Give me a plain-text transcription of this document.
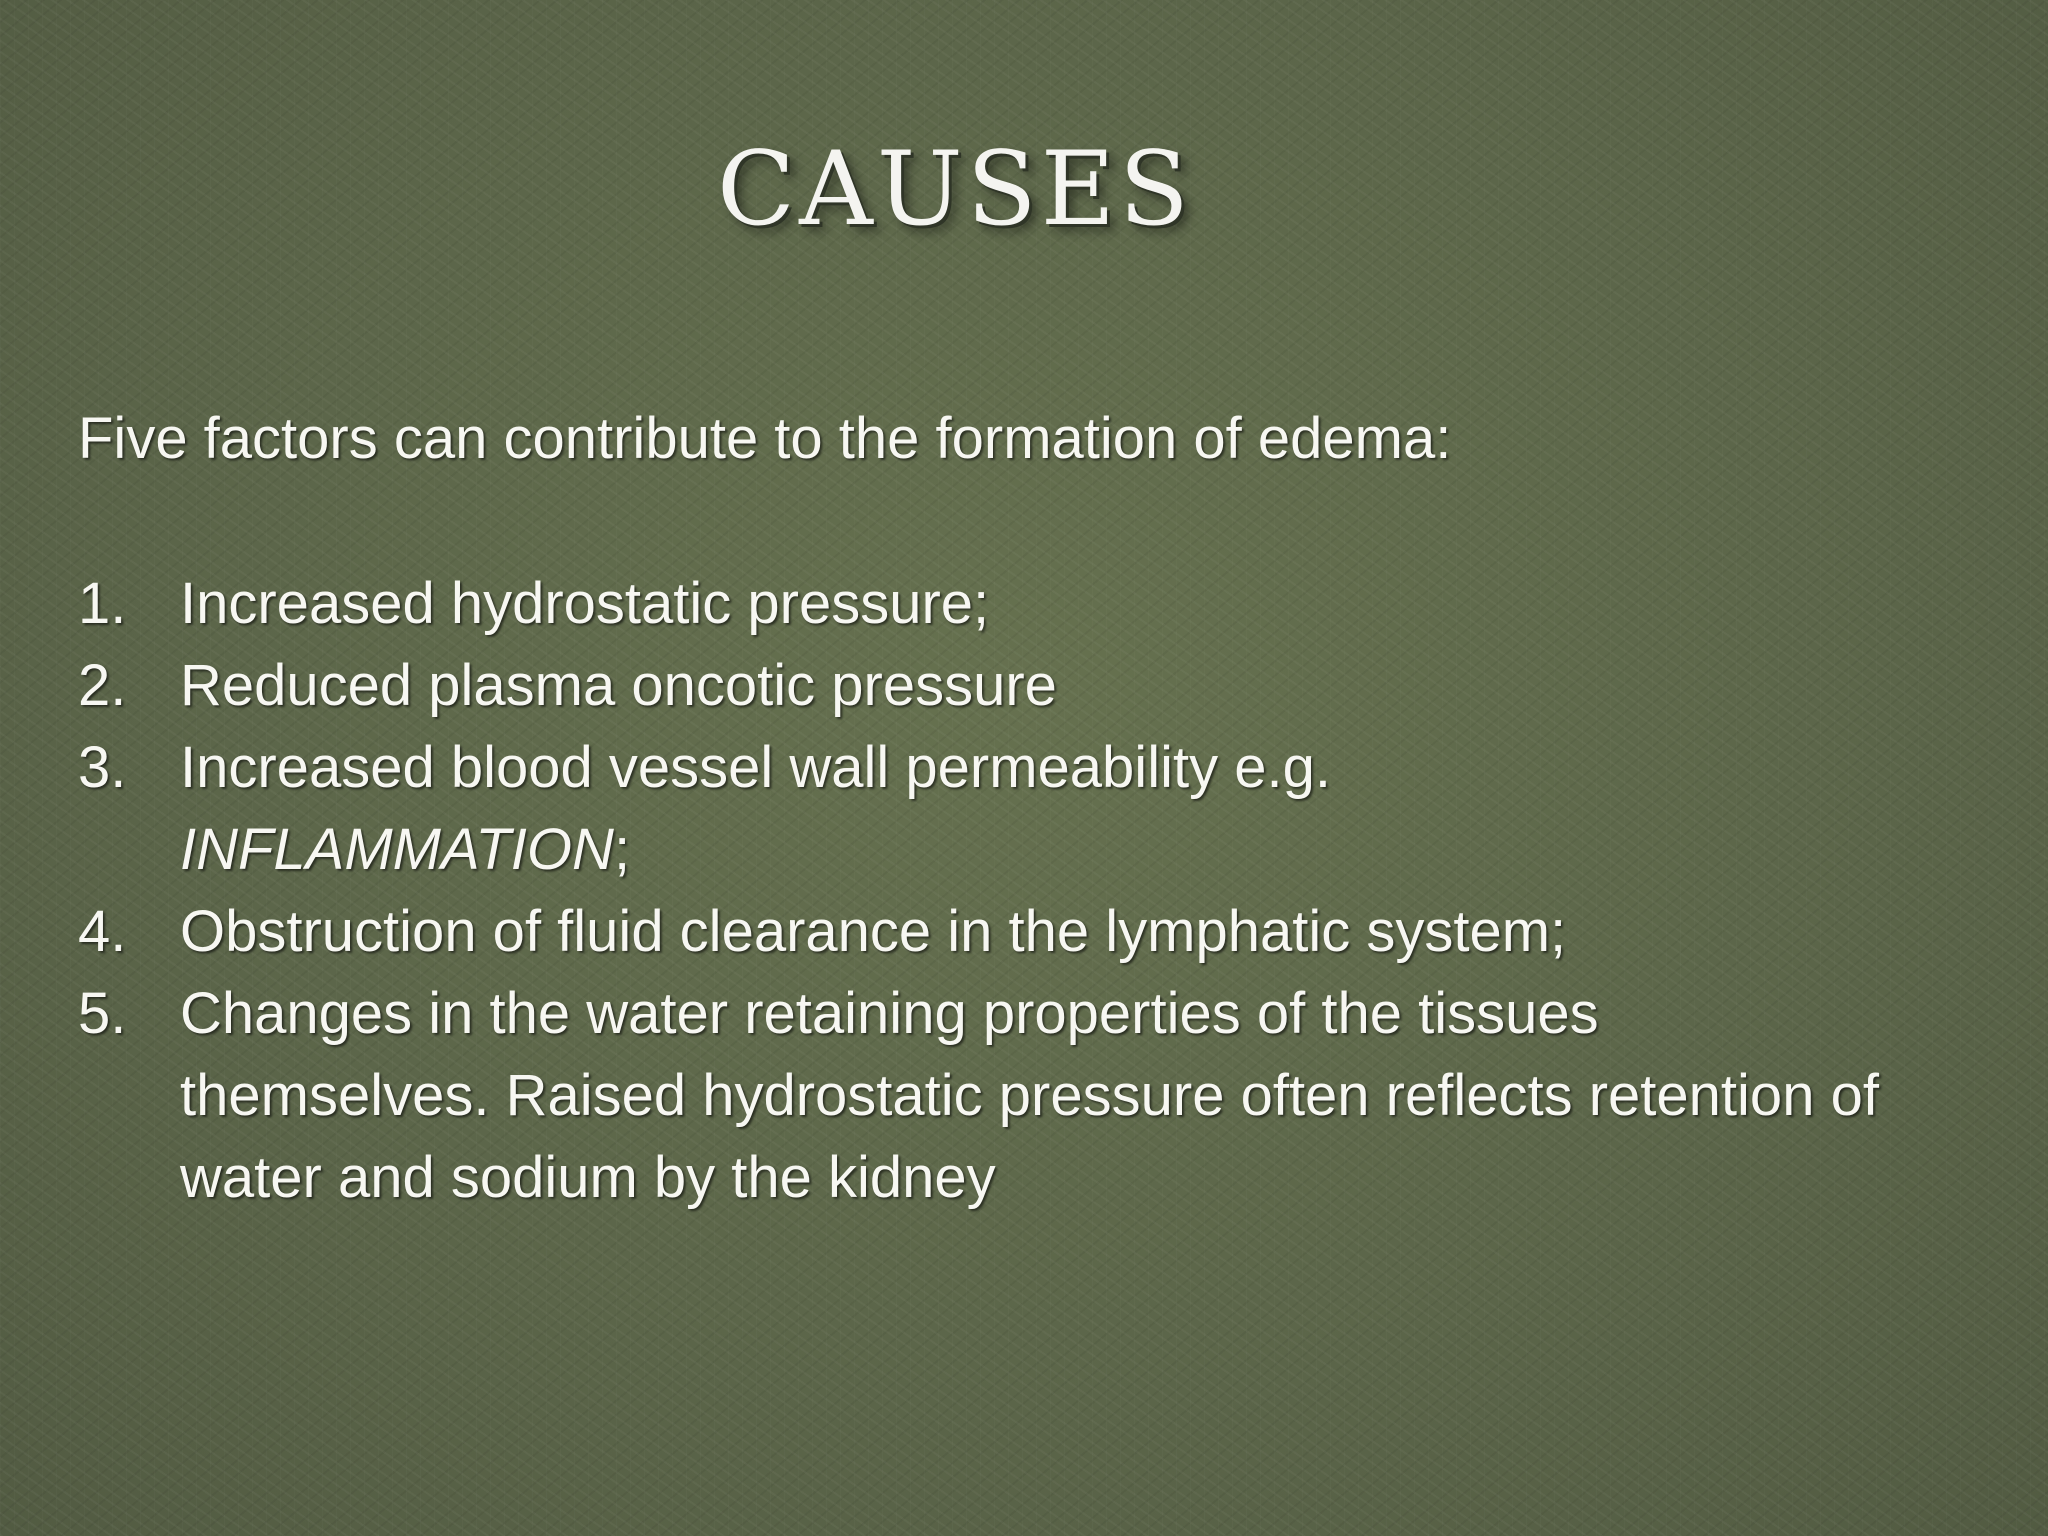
CAUSES

Five factors can contribute to the formation of edema:

1. Increased hydrostatic pressure;
2. Reduced plasma oncotic pressure
3. Increased blood vessel wall permeability e.g.
INFLAMMATION;
4. Obstruction of fluid clearance in the lymphatic system;
5. Changes in the water retaining properties of the tissues themselves. Raised hydrostatic pressure often reflects retention of water and sodium by the kidney
